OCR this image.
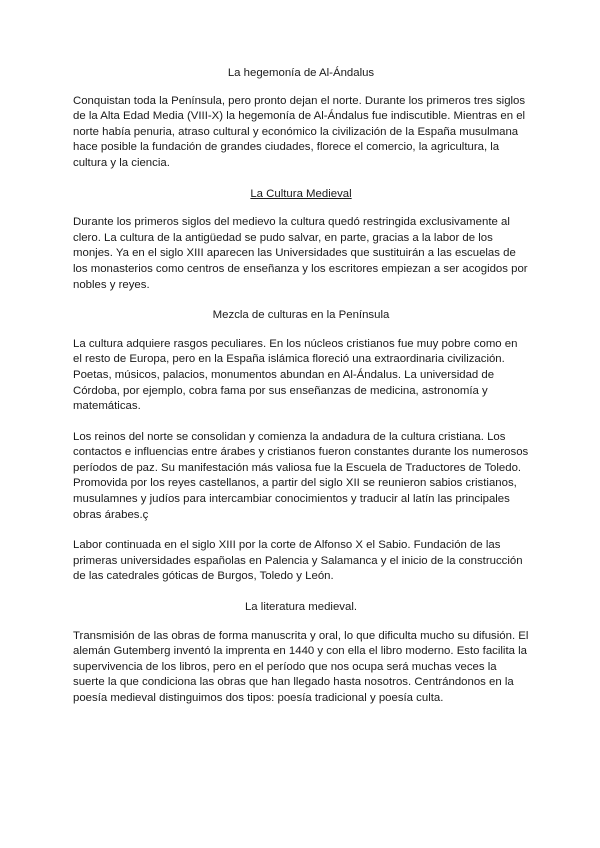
La hegemonía de Al-Ándalus

Conquistan toda la Península, pero pronto dejan el norte. Durante los primeros tres siglos de la Alta Edad Media (VIII-X) la hegemonía de Al-Ándalus fue indiscutible. Mientras en el norte había penuria, atraso cultural y económico la civilización de la España musulmana hace posible la fundación de grandes ciudades, florece el comercio, la agricultura, la cultura y la ciencia.

La Cultura Medieval

Durante los primeros siglos del medievo la cultura quedó restringida exclusivamente al clero. La cultura de la antigüedad se pudo salvar, en parte, gracias a la labor de los monjes. Ya en el siglo XIII aparecen las Universidades que sustituirán a las escuelas de los monasterios como centros de enseñanza y los escritores empiezan a ser acogidos por nobles y reyes.

Mezcla de culturas en la Península

La cultura adquiere rasgos peculiares. En los núcleos cristianos fue muy pobre como en el resto de Europa, pero en la España islámica floreció una extraordinaria civilización. Poetas, músicos, palacios, monumentos abundan en Al-Ándalus. La universidad de Córdoba, por ejemplo, cobra fama por sus enseñanzas de medicina, astronomía y matemáticas.

Los reinos del norte se consolidan y comienza la andadura de la cultura cristiana. Los contactos e influencias entre árabes y cristianos fueron constantes durante los numerosos períodos de paz. Su manifestación más valiosa fue la Escuela de Traductores de Toledo. Promovida por los reyes castellanos, a partir del siglo XII se reunieron sabios cristianos, musulamnes y judíos para intercambiar conocimientos y traducir al latín las principales obras árabes.ç

Labor continuada en el siglo XIII por la corte de Alfonso X el Sabio. Fundación de las primeras universidades españolas en Palencia y Salamanca y el inicio de la construcción de las catedrales góticas de Burgos, Toledo y León.

La literatura medieval.

Transmisión de las obras de forma manuscrita y oral, lo que dificulta mucho su difusión. El alemán Gutemberg inventó la imprenta en 1440 y con ella el libro moderno. Esto facilita la supervivencia de los libros, pero en el período que nos ocupa será muchas veces la suerte la que condiciona las obras que han llegado hasta nosotros. Centrándonos en la poesía medieval distinguimos dos tipos: poesía tradicional y poesía culta.
